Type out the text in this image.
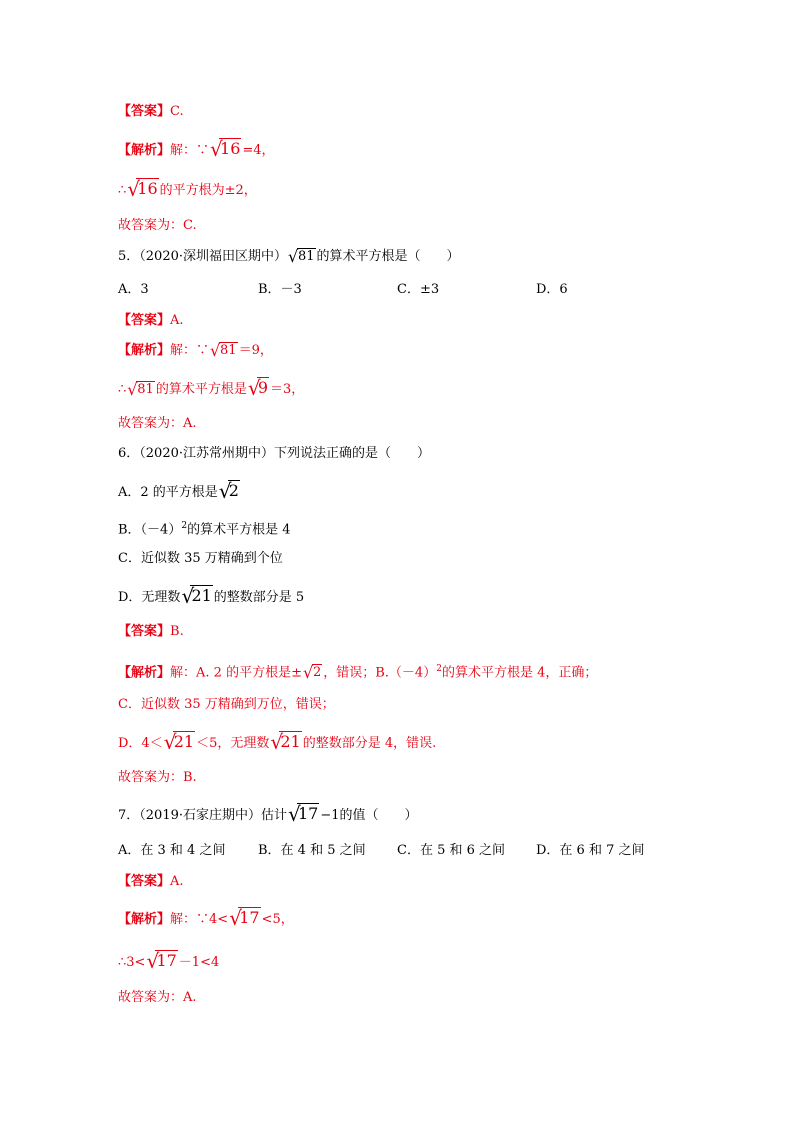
【答案】C.
【解析】解：∵ √
16 =4，
∴ √
16 的平方根为±2，
故答案为：C.
5．（2020·深圳福田区期中） √ 81 的算术平方根是（　　）
A．3	B．－3	C．±3	D．6
【答案】A.
【解析】解：∵ √ 81 ＝9，
∴ √ 81 的算术平方根是 √
9 ＝3，
故答案为：A.
6．（2020·江苏常州期中）下列说法正确的是（　　）
A．2 的平方根是 √
2
B．$(-4)^2$的算术平方根是 4
C．近似数 35 万精确到个位
D．无理数 √
21 的整数部分是 5
【答案】B.
【解析】解：A. 2 的平方根是± √ 2 ，错误；$B.(-4)^2$的算术平方根是 4，正确；
C．近似数 35 万精确到万位，错误；
D．4＜ √
21 ＜5，无理数 √
21 的整数部分是 4，错误.
故答案为：B.
7．（2019·石家庄期中）估计 √
17 −1的值（　　）
A．在 3 和 4 之间	B．在 4 和 5 之间 C．在 5 和 6 之间 D．在 6 和 7 之间
【答案】A.
【解析】解：∵4< √
17 <5，
∴3< √
17 －1<4
故答案为：A.
